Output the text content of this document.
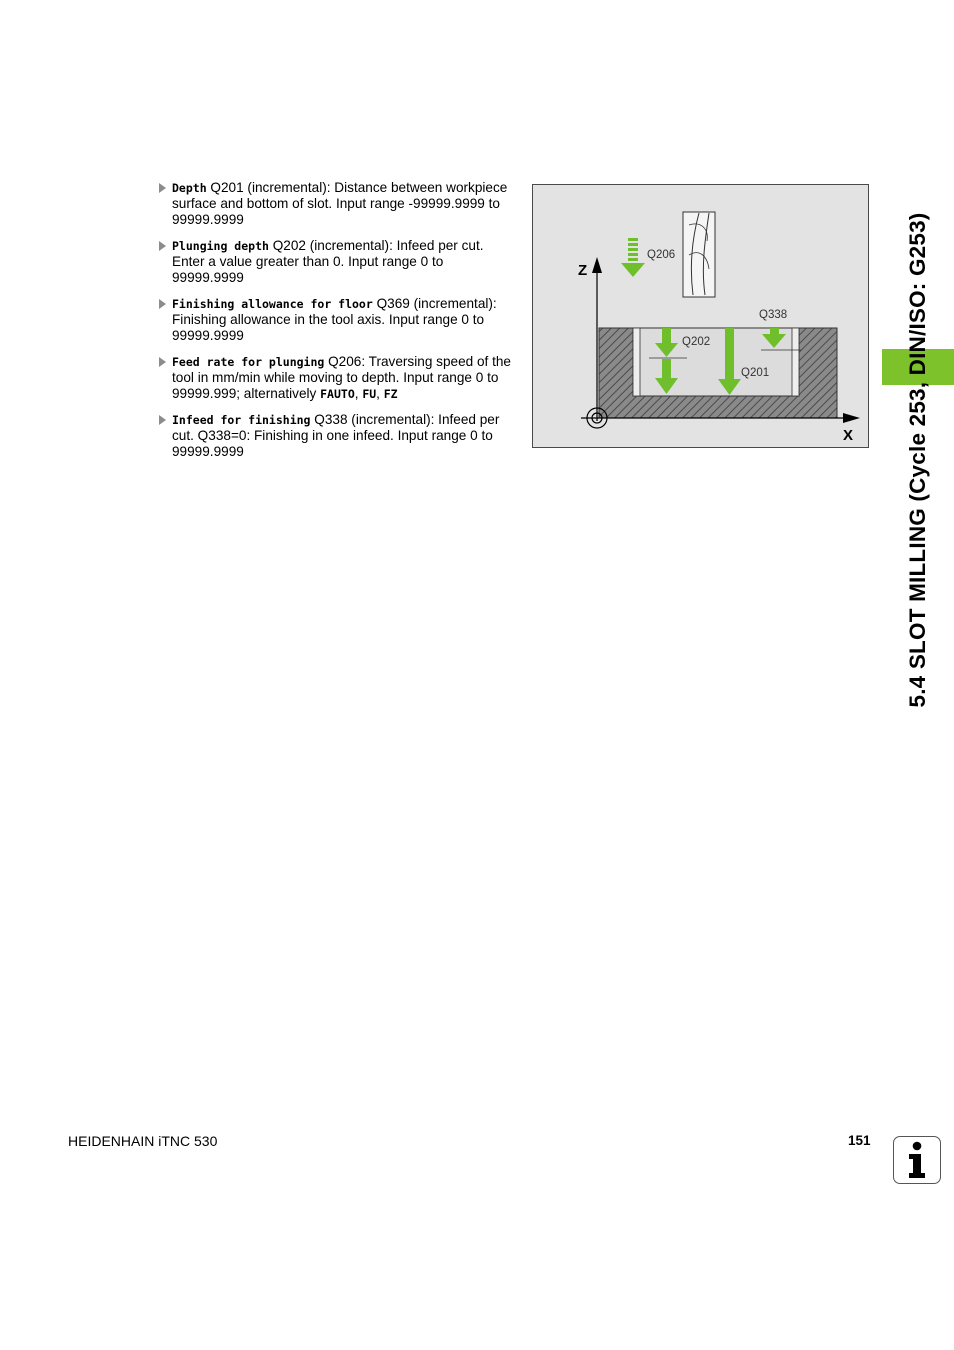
Depth Q201 (incremental): Distance between workpiece surface and bottom of slot. Input range -99999.9999 to 99999.9999
Plunging depth Q202 (incremental): Infeed per cut. Enter a value greater than 0. Input range 0 to 99999.9999
Finishing allowance for floor Q369 (incremental): Finishing allowance in the tool axis. Input range 0 to 99999.9999
Feed rate for plunging Q206: Traversing speed of the tool in mm/min while moving to depth. Input range 0 to 99999.999; alternatively FAUTO, FU, FZ
Infeed for finishing Q338 (incremental): Infeed per cut. Q338=0: Finishing in one infeed. Input range 0 to 99999.9999
Z
X
Q206
Q202
Q201
Q338	5.4 SLOT MILLING (Cycle 253, DIN/ISO: G253)
HEIDENHAIN iTNC 530	151
